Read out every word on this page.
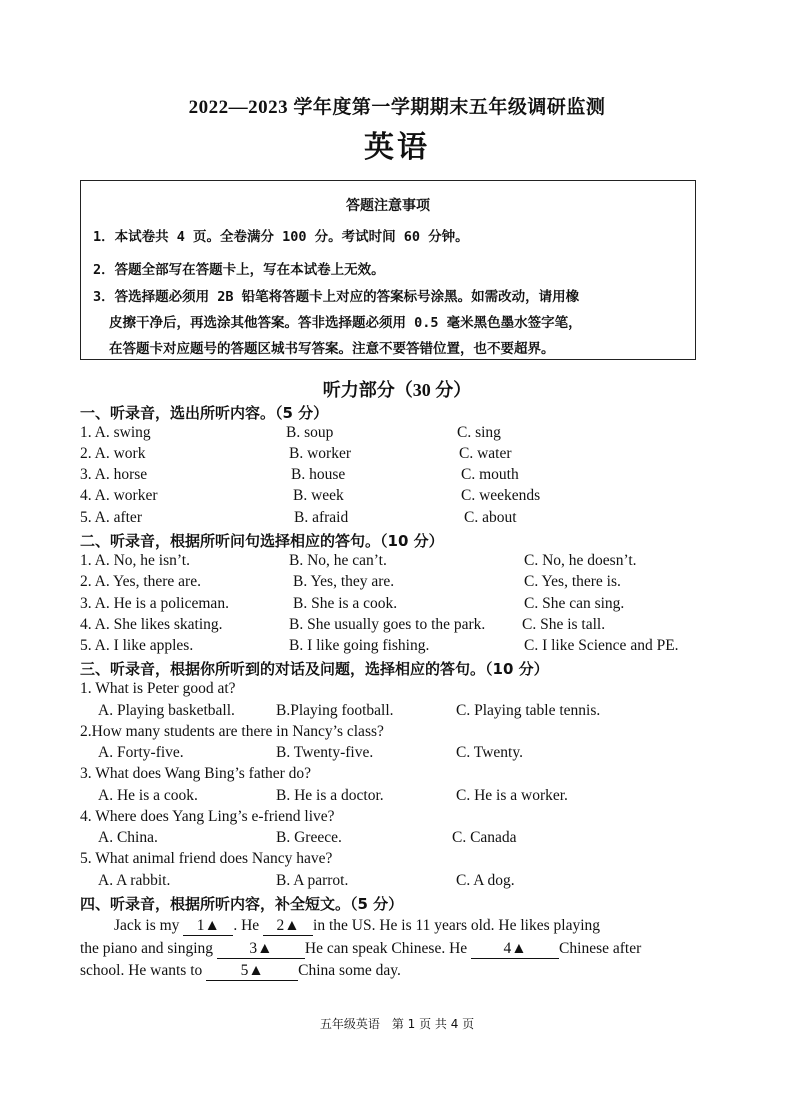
2022—2023 学年度第一学期期末五年级调研监测
英语
答题注意事项
1．本试卷共 4 页。全卷满分 100 分。考试时间 60 分钟。
2．答题全部写在答题卡上，写在本试卷上无效。
3．答选择题必须用 2B 铅笔将答题卡上对应的答案标号涂黑。如需改动，请用橡
皮擦干净后，再选涂其他答案。答非选择题必须用 0.5 毫米黑色墨水签字笔，
在答题卡对应题号的答题区城书写答案。注意不要答错位置，也不要超界。
听力部分（30 分）
一、听录音，选出所听内容。（5 分）
1. A. swing	B. soup	C. sing
2. A. work	B. worker	C. water
3. A. horse	B. house	C. mouth
4. A. worker	B. week	C. weekends
5. A. after	B. afraid	C. about
二、听录音，根据所听问句选择相应的答句。（10 分）
1. A. No, he isn’t.	B. No, he can’t.	C. No, he doesn’t.
2. A. Yes, there are.	B. Yes, they are.	C. Yes, there is.
3. A. He is a policeman.	B. She is a cook.	C. She can sing.
4. A. She likes skating.	B. She usually goes to the park. C. She is tall.
5. A. I like apples.	B. I like going fishing.	C. I like Science and PE.
三、听录音，根据你所听到的对话及问题，选择相应的答句。（10 分）
1. What is Peter good at?
A. Playing basketball.	B.Playing football.	C. Playing table tennis.
2.How many students are there in Nancy’s class?
A. Forty-five.	B. Twenty-five.	C. Twenty.
3. What does Wang Bing’s father do?
A. He is a cook.	B. He is a doctor.	C. He is a worker.
4. Where does Yang Ling’s e-friend live?
A. China.	B. Greece.	C. Canada
5. What animal friend does Nancy have?
A. A rabbit.	B. A parrot.	C. A dog.
四、听录音，根据所听内容，补全短文。（5 分）
Jack is my 1▲ . He 2▲ in the US. He is 11 years old. He likes playing
the piano and singing 3▲ He can speak Chinese. He 4▲ Chinese after
school. He wants to 5▲ China some day.
五年级英语　第 1 页 共 4 页
